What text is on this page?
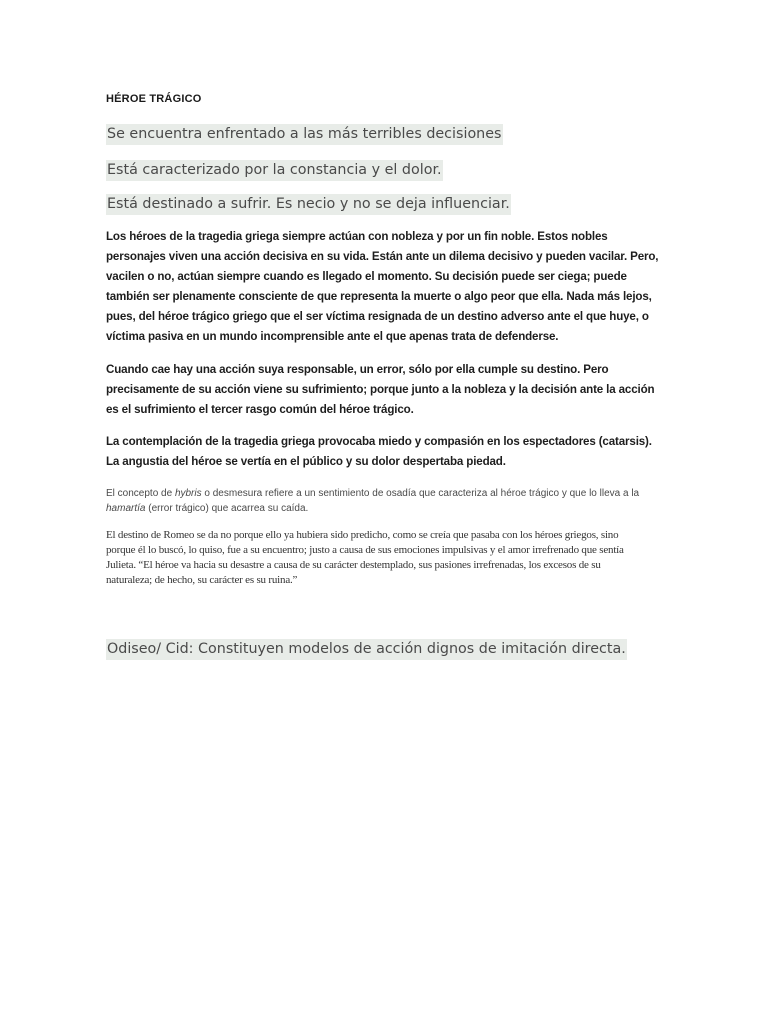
HÉROE TRÁGICO

Se encuentra enfrentado a las más terribles decisiones

Está caracterizado por la constancia y el dolor.

Está destinado a sufrir. Es necio y no se deja influenciar.

Los héroes de la tragedia griega siempre actúan con nobleza y por un fin noble. Estos nobles personajes viven una acción decisiva en su vida. Están ante un dilema decisivo y pueden vacilar. Pero, vacilen o no, actúan siempre cuando es llegado el momento. Su decisión puede ser ciega; puede también ser plenamente consciente de que representa la muerte o algo peor que ella. Nada más lejos, pues, del héroe trágico griego que el ser víctima resignada de un destino adverso ante el que huye, o víctima pasiva en un mundo incomprensible ante el que apenas trata de defenderse.

Cuando cae hay una acción suya responsable, un error, sólo por ella cumple su destino. Pero precisamente de su acción viene su sufrimiento; porque junto a la nobleza y la decisión ante la acción es el sufrimiento el tercer rasgo común del héroe trágico.

La contemplación de la tragedia griega provocaba miedo y compasión en los espectadores (catarsis). La angustia del héroe se vertía en el público y su dolor despertaba piedad.

El concepto de hybris o desmesura refiere a un sentimiento de osadía que caracteriza al héroe trágico y que lo lleva a la hamartía (error trágico) que acarrea su caída.

El destino de Romeo se da no porque ello ya hubiera sido predicho, como se creía que pasaba con los héroes griegos, sino porque él lo buscó, lo quiso, fue a su encuentro; justo a causa de sus emociones impulsivas y el amor irrefrenado que sentía Julieta. “El héroe va hacia su desastre a causa de su carácter destemplado, sus pasiones irrefrenadas, los excesos de su naturaleza; de hecho, su carácter es su ruina.”

Odiseo/ Cid: Constituyen modelos de acción dignos de imitación directa.
